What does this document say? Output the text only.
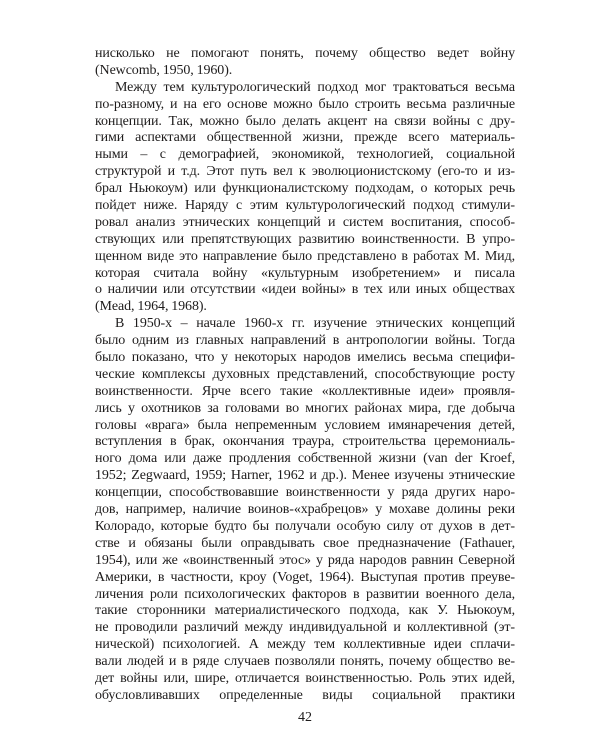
нисколько не помогают понять, почему общество ведет войну
(Newcomb, 1950, 1960).
Между тем культурологический подход мог трактоваться весьма
по-разному, и на его основе можно было строить весьма различные
концепции. Так, можно было делать акцент на связи войны с дру-
гими аспектами общественной жизни, прежде всего материаль-
ными – с демографией, экономикой, технологией, социальной
структурой и т.д. Этот путь вел к эволюционистскому (его-то и из-
брал Ньюкоум) или функционалистскому подходам, о которых речь
пойдет ниже. Наряду с этим культурологический подход стимули-
ровал анализ этнических концепций и систем воспитания, способ-
ствующих или препятствующих развитию воинственности. В упро-
щенном виде это направление было представлено в работах М. Мид,
которая считала войну «культурным изобретением» и писала
о наличии или отсутствии «идеи войны» в тех или иных обществах
(Mead, 1964, 1968).
В 1950-х – начале 1960-х гг. изучение этнических концепций
было одним из главных направлений в антропологии войны. Тогда
было показано, что у некоторых народов имелись весьма специфи-
ческие комплексы духовных представлений, способствующие росту
воинственности. Ярче всего такие «коллективные идеи» проявля-
лись у охотников за головами во многих районах мира, где добыча
головы «врага» была непременным условием имянаречения детей,
вступления в брак, окончания траура, строительства церемониаль-
ного дома или даже продления собственной жизни (van der Kroef,
1952; Zegwaard, 1959; Harner, 1962 и др.). Менее изучены этнические
концепции, способствовавшие воинственности у ряда других наро-
дов, например, наличие воинов-«храбрецов» у мохаве долины реки
Колорадо, которые будто бы получали особую силу от духов в дет-
стве и обязаны были оправдывать свое предназначение (Fathauer,
1954), или же «воинственный этос» у ряда народов равнин Северной
Америки, в частности, кроу (Voget, 1964). Выступая против преуве-
личения роли психологических факторов в развитии военного дела,
такие сторонники материалистического подхода, как У. Ньюкоум,
не проводили различий между индивидуальной и коллективной (эт-
нической) психологией. А между тем коллективные идеи сплачи-
вали людей и в ряде случаев позволяли понять, почему общество ве-
дет войны или, шире, отличается воинственностью. Роль этих идей,
обусловливавших определенные виды социальной практики
42
